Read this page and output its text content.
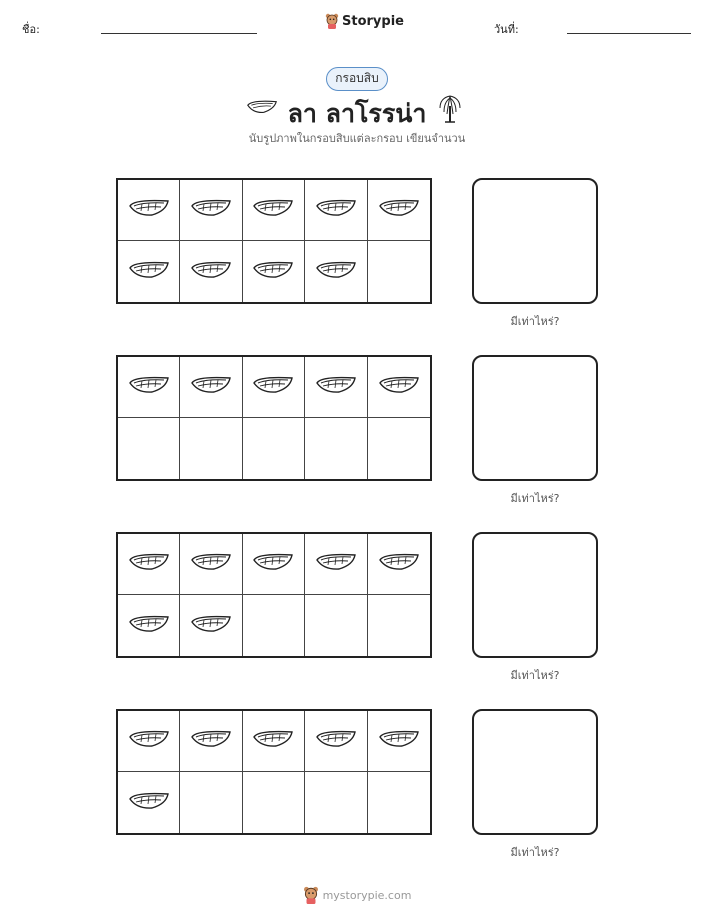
ชื่อ:
Storypie
วันที่:
กรอบสิบ
ลา ลาโรรน่า
นับรูปภาพในกรอบสิบแต่ละกรอบ เขียนจำนวน
มีเท่าไหร่?
มีเท่าไหร่?
มีเท่าไหร่?
มีเท่าไหร่?
mystorypie.com
